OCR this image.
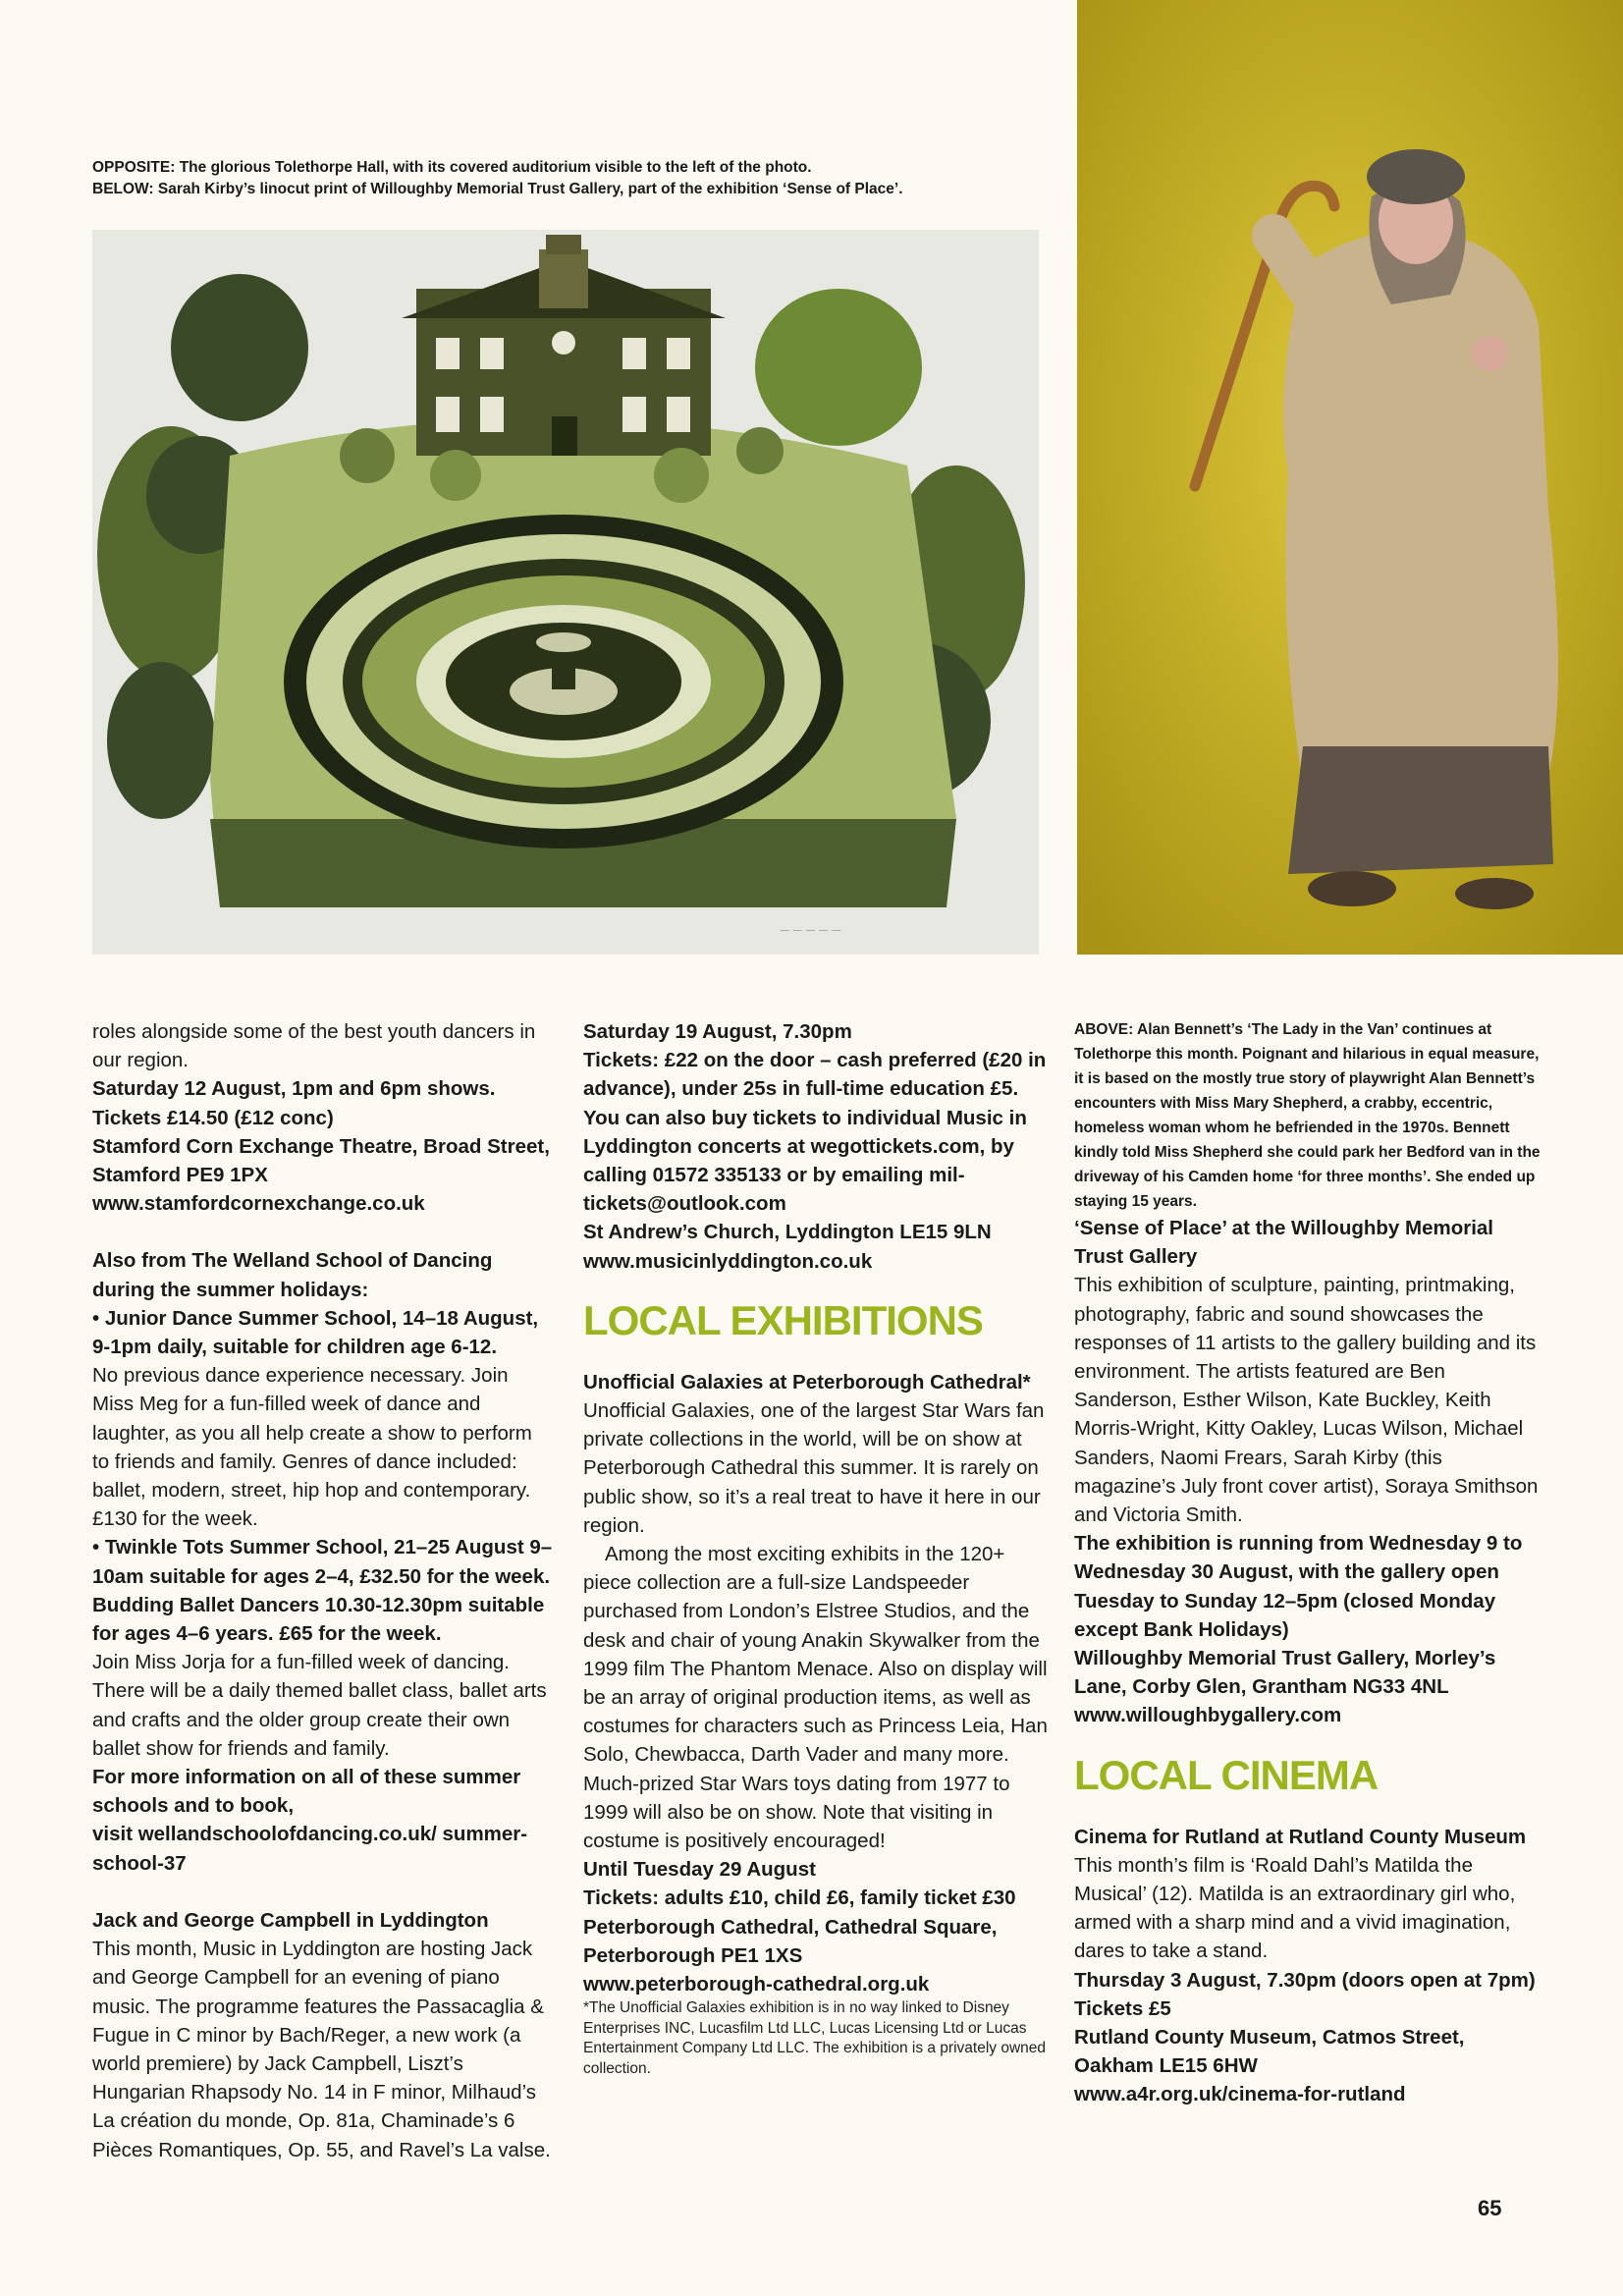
OPPOSITE: The glorious Tolethorpe Hall, with its covered auditorium visible to the left of the photo.
BELOW: Sarah Kirby’s linocut print of Willoughby Memorial Trust Gallery, part of the exhibition ‘Sense of Place’.
— — — — —

roles alongside some of the best youth dancers in our region.

Saturday 12 August, 1pm and 6pm shows.

Tickets £14.50 (£12 conc)

Stamford Corn Exchange Theatre, Broad Street, Stamford PE9 1PX

www.stamfordcornexchange.co.uk

Also from The Welland School of Dancing during the summer holidays:

• Junior Dance Summer School, 14–18 August, 9-1pm daily, suitable for children age 6-12.

No previous dance experience necessary. Join Miss Meg for a fun-filled week of dance and laughter, as you all help create a show to perform to friends and family. Genres of dance included: ballet, modern, street, hip hop and contemporary. £130 for the week.

• Twinkle Tots Summer School, 21–25 August 9–10am suitable for ages 2–4, £32.50 for the week. Budding Ballet Dancers 10.30-12.30pm suitable for ages 4–6 years. £65 for the week.

Join Miss Jorja for a fun-filled week of dancing. There will be a daily themed ballet class, ballet arts and crafts and the older group create their own ballet show for friends and family.

For more information on all of these summer schools and to book,

visit wellandschoolofdancing.co.uk/ summer-school-37

Jack and George Campbell in Lyddington

This month, Music in Lyddington are hosting Jack and George Campbell for an evening of piano music. The programme features the Passacaglia & Fugue in C minor by Bach/Reger, a new work (a world premiere) by Jack Campbell, Liszt’s Hungarian Rhapsody No. 14 in F minor, Milhaud’s La création du monde, Op. 81a, Chaminade’s 6 Pièces Romantiques, Op. 55, and Ravel’s La valse.

Saturday 19 August, 7.30pm

Tickets: £22 on the door – cash preferred (£20 in advance), under 25s in full-time education £5. You can also buy tickets to individual Music in Lyddington concerts at wegottickets.com, by calling 01572 335133 or by emailing mil-tickets@outlook.com

St Andrew’s Church, Lyddington LE15 9LN

www.musicinlyddington.co.uk

LOCAL EXHIBITIONS

Unofficial Galaxies at Peterborough Cathedral*

Unofficial Galaxies, one of the largest Star Wars fan private collections in the world, will be on show at Peterborough Cathedral this summer. It is rarely on public show, so it’s a real treat to have it here in our region.

Among the most exciting exhibits in the 120+ piece collection are a full-size Landspeeder purchased from London’s Elstree Studios, and the desk and chair of young Anakin Skywalker from the 1999 film The Phantom Menace. Also on display will be an array of original production items, as well as costumes for characters such as Princess Leia, Han Solo, Chewbacca, Darth Vader and many more. Much-prized Star Wars toys dating from 1977 to 1999 will also be on show. Note that visiting in costume is positively encouraged!

Until Tuesday 29 August

Tickets: adults £10, child £6, family ticket £30

Peterborough Cathedral, Cathedral Square, Peterborough PE1 1XS

www.peterborough-cathedral.org.uk

*The Unofficial Galaxies exhibition is in no way linked to Disney Enterprises INC, Lucasfilm Ltd LLC, Lucas Licensing Ltd or Lucas Entertainment Company Ltd LLC. The exhibition is a privately owned collection.

ABOVE: Alan Bennett’s ‘The Lady in the Van’ continues at Tolethorpe this month. Poignant and hilarious in equal measure, it is based on the mostly true story of playwright Alan Bennett’s encounters with Miss Mary Shepherd, a crabby, eccentric, homeless woman whom he befriended in the 1970s. Bennett kindly told Miss Shepherd she could park her Bedford van in the driveway of his Camden home ‘for three months’. She ended up staying 15 years.

‘Sense of Place’ at the Willoughby Memorial Trust Gallery

This exhibition of sculpture, painting, printmaking, photography, fabric and sound showcases the responses of 11 artists to the gallery building and its environment. The artists featured are Ben Sanderson, Esther Wilson, Kate Buckley, Keith Morris-Wright, Kitty Oakley, Lucas Wilson, Michael Sanders, Naomi Frears, Sarah Kirby (this magazine’s July front cover artist), Soraya Smithson and Victoria Smith.

The exhibition is running from Wednesday 9 to Wednesday 30 August, with the gallery open Tuesday to Sunday 12–5pm (closed Monday except Bank Holidays)

Willoughby Memorial Trust Gallery, Morley’s Lane, Corby Glen, Grantham NG33 4NL

www.willoughbygallery.com

LOCAL CINEMA

Cinema for Rutland at Rutland County Museum

This month’s film is ‘Roald Dahl’s Matilda the Musical’ (12). Matilda is an extraordinary girl who, armed with a sharp mind and a vivid imagination, dares to take a stand.

Thursday 3 August, 7.30pm (doors open at 7pm)

Tickets £5

Rutland County Museum, Catmos Street, Oakham LE15 6HW

www.a4r.org.uk/cinema-for-rutland

65
